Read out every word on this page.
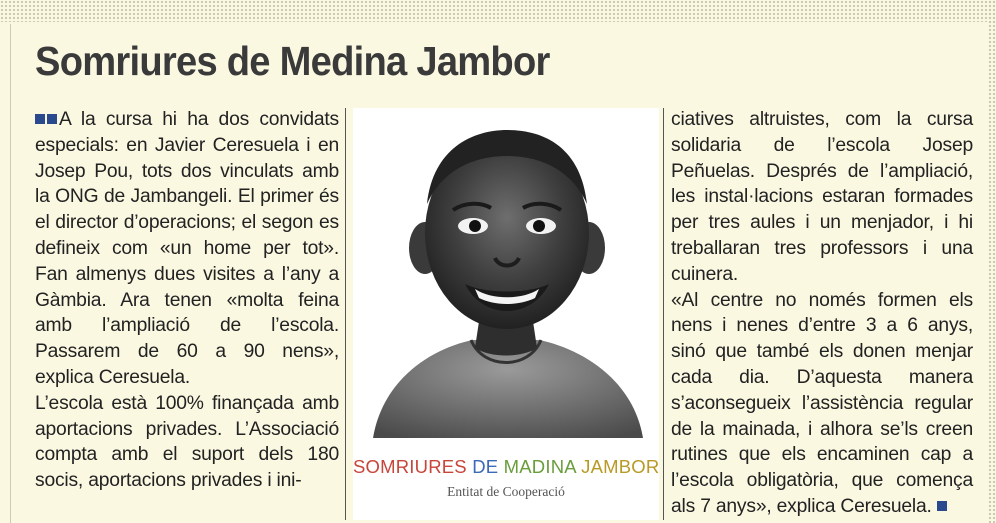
Somriures de Medina Jambor

A la cursa hi ha dos convidats especials: en Javier Ceresuela i en Josep Pou, tots dos vinculats amb la ONG de Jambangeli. El primer és el director d’operacions; el segon es defineix com «un home per tot». Fan almenys dues visites a l’any a Gàmbia. Ara tenen «molta feina amb l’ampliació de l’escola. Passarem de 60 a 90 nens», explica Ceresuela.

L’escola està 100% finançada amb aportacions privades. L’Associació compta amb el suport dels 180 socis, aportacions privades i ini-

SOMRIURES DE MADINA JAMBOR
Entitat de Cooperació

ciatives altruistes, com la cursa solidaria de l’escola Josep Peñuelas. Després de l’ampliació, les instal·lacions estaran formades per tres aules i un menjador, i hi treballaran tres professors i una cuinera.

«Al centre no només formen els nens i nenes d’entre 3 a 6 anys, sinó que també els donen menjar cada dia. D’aquesta manera s’aconsegueix l’assistència regular de la mainada, i alhora se’ls creen rutines que els encaminen cap a l’escola obligatòria, que comença als 7 anys», explica Ceresuela.
